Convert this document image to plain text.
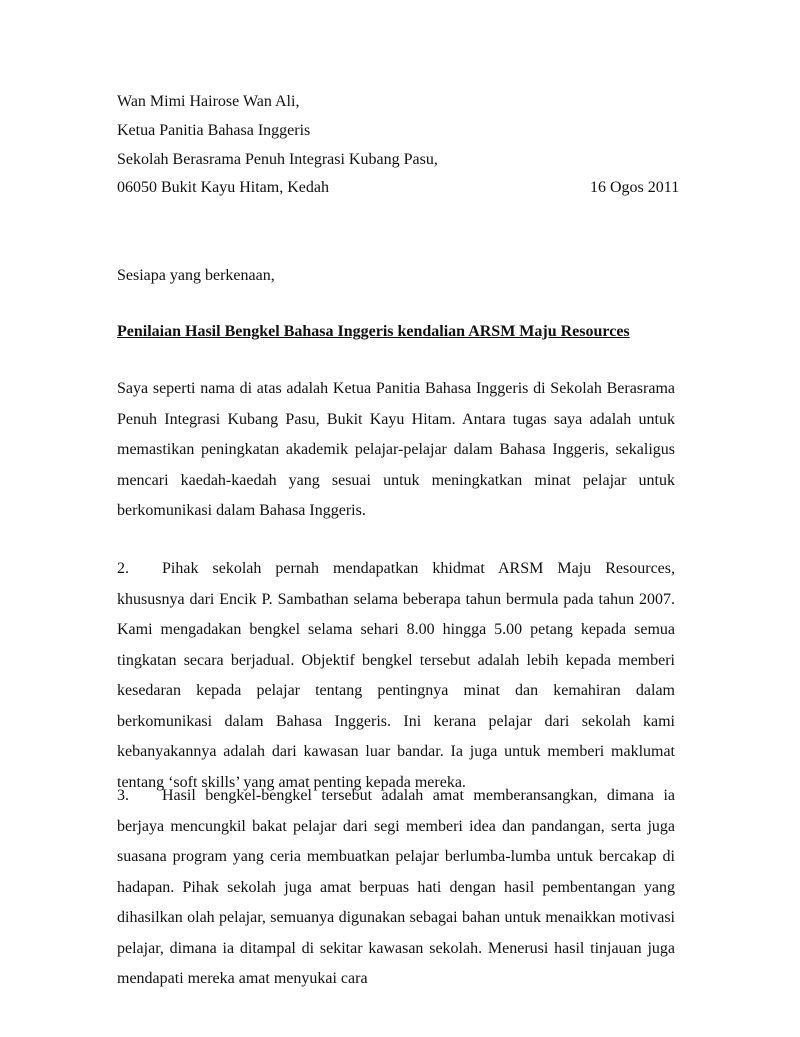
Wan Mimi Hairose Wan Ali,
Ketua Panitia Bahasa Inggeris
Sekolah Berasrama Penuh Integrasi Kubang Pasu,
06050 Bukit Kayu Hitam, Kedah	16 Ogos 2011
Sesiapa yang berkenaan,
Penilaian Hasil Bengkel Bahasa Inggeris kendalian ARSM Maju Resources
Saya seperti nama di atas adalah Ketua Panitia Bahasa Inggeris di Sekolah Berasrama Penuh Integrasi Kubang Pasu, Bukit Kayu Hitam. Antara tugas saya adalah untuk memastikan peningkatan akademik pelajar-pelajar dalam Bahasa Inggeris, sekaligus mencari kaedah-kaedah yang sesuai untuk meningkatkan minat pelajar untuk berkomunikasi dalam Bahasa Inggeris.
2. Pihak sekolah pernah mendapatkan khidmat ARSM Maju Resources, khususnya dari Encik P. Sambathan selama beberapa tahun bermula pada tahun 2007. Kami mengadakan bengkel selama sehari 8.00 hingga 5.00 petang kepada semua tingkatan secara berjadual. Objektif bengkel tersebut adalah lebih kepada memberi kesedaran kepada pelajar tentang pentingnya minat dan kemahiran dalam berkomunikasi dalam Bahasa Inggeris. Ini kerana pelajar dari sekolah kami kebanyakannya adalah dari kawasan luar bandar. Ia juga untuk memberi maklumat tentang ‘soft skills’ yang amat penting kepada mereka.
3. Hasil bengkel-bengkel tersebut adalah amat memberansangkan, dimana ia berjaya mencungkil bakat pelajar dari segi memberi idea dan pandangan, serta juga suasana program yang ceria membuatkan pelajar berlumba-lumba untuk bercakap di hadapan. Pihak sekolah juga amat berpuas hati dengan hasil pembentangan yang dihasilkan olah pelajar, semuanya digunakan sebagai bahan untuk menaikkan motivasi pelajar, dimana ia ditampal di sekitar kawasan sekolah. Menerusi hasil tinjauan juga mendapati mereka amat menyukai cara
